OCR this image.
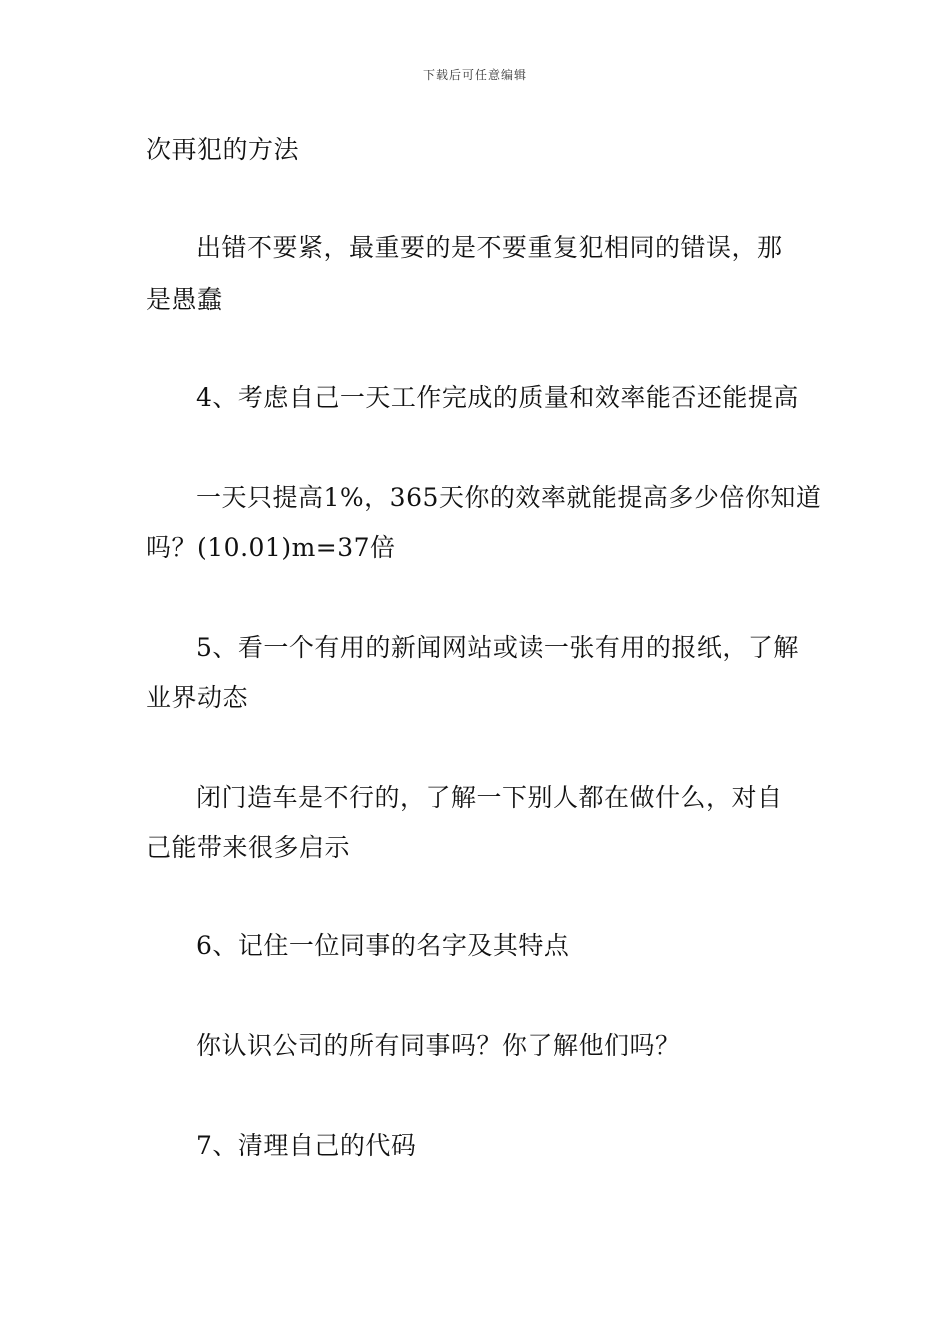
下载后可任意编辑
次再犯的方法
出错不要紧，最重要的是不要重复犯相同的错误，那
是愚蠢
4、考虑自己一天工作完成的质量和效率能否还能提高
一天只提高1%，365天你的效率就能提高多少倍你知道
吗？(10.01)m=37倍
5、看一个有用的新闻网站或读一张有用的报纸，了解
业界动态
闭门造车是不行的，了解一下别人都在做什么，对自
己能带来很多启示
6、记住一位同事的名字及其特点
你认识公司的所有同事吗？你了解他们吗？
7、清理自己的代码
